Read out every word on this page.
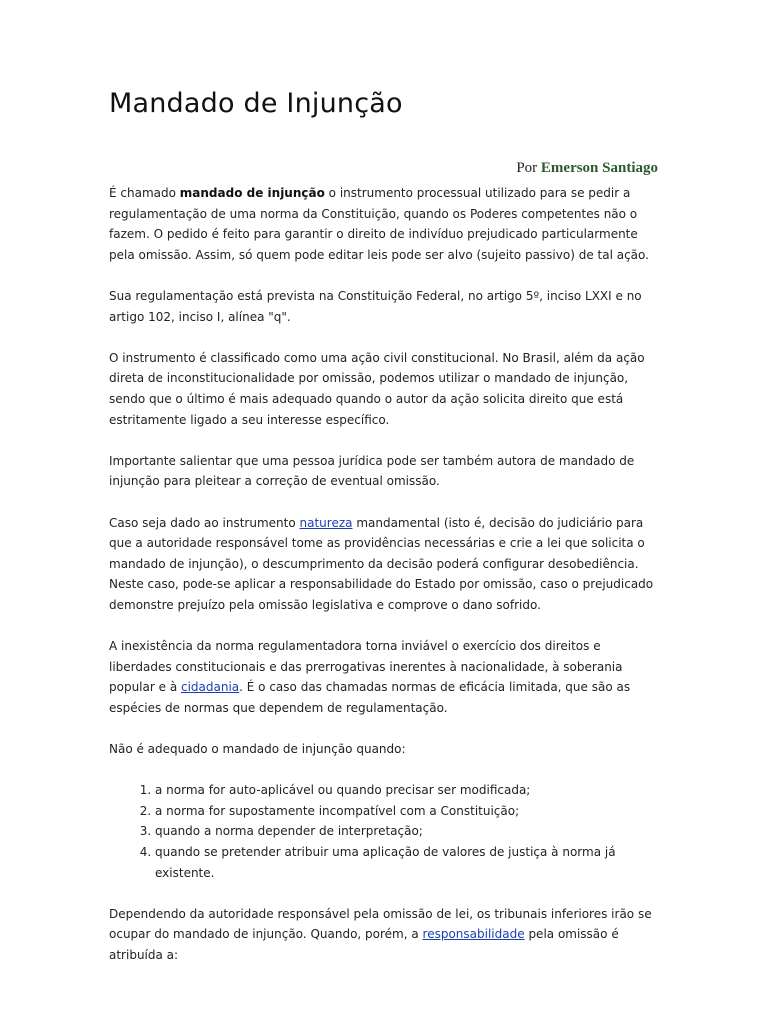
Mandado de Injunção
Por Emerson Santiago

É chamado mandado de injunção o instrumento processual utilizado para se pedir a regulamentação de uma norma da Constituição, quando os Poderes competentes não o fazem. O pedido é feito para garantir o direito de indivíduo prejudicado particularmente pela omissão. Assim, só quem pode editar leis pode ser alvo (sujeito passivo) de tal ação.

Sua regulamentação está prevista na Constituição Federal, no artigo 5º, inciso LXXI e no artigo 102, inciso I, alínea "q".

O instrumento é classificado como uma ação civil constitucional. No Brasil, além da ação direta de inconstitucionalidade por omissão, podemos utilizar o mandado de injunção, sendo que o último é mais adequado quando o autor da ação solicita direito que está estritamente ligado a seu interesse específico.

Importante salientar que uma pessoa jurídica pode ser também autora de mandado de injunção para pleitear a correção de eventual omissão.

Caso seja dado ao instrumento natureza mandamental (isto é, decisão do judiciário para que a autoridade responsável tome as providências necessárias e crie a lei que solicita o mandado de injunção), o descumprimento da decisão poderá configurar desobediência. Neste caso, pode-se aplicar a responsabilidade do Estado por omissão, caso o prejudicado demonstre prejuízo pela omissão legislativa e comprove o dano sofrido.

A inexistência da norma regulamentadora torna inviável o exercício dos direitos e liberdades constitucionais e das prerrogativas inerentes à nacionalidade, à soberania popular e à cidadania. É o caso das chamadas normas de eficácia limitada, que são as espécies de normas que dependem de regulamentação.

Não é adequado o mandado de injunção quando:

1. a norma for auto-aplicável ou quando precisar ser modificada;
2. a norma for supostamente incompatível com a Constituição;
3. quando a norma depender de interpretação;
4. quando se pretender atribuir uma aplicação de valores de justiça à norma já existente.

Dependendo da autoridade responsável pela omissão de lei, os tribunais inferiores irão se ocupar do mandado de injunção. Quando, porém, a responsabilidade pela omissão é atribuída a:
